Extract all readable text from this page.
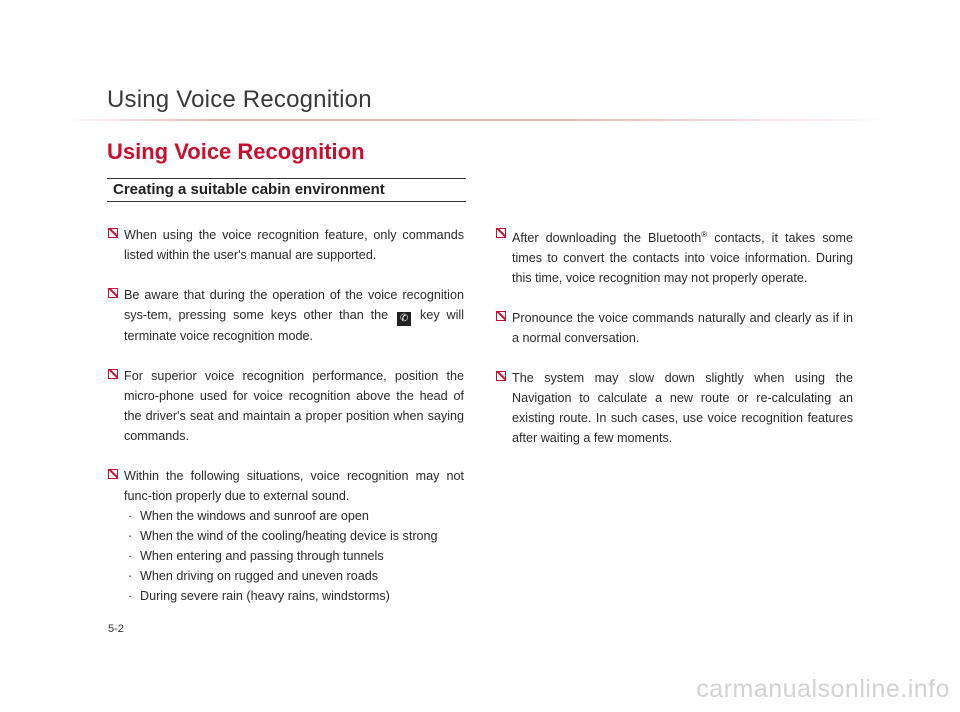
Using Voice Recognition
Using Voice Recognition
Creating a suitable cabin environment
When using the voice recognition feature, only commands listed within the user's manual are supported.
Be aware that during the operation of the voice recognition sys-tem, pressing some keys other than the ✆ key will terminate voice recognition mode.
For superior voice recognition performance, position the micro-phone used for voice recognition above the head of the driver's seat and maintain a proper position when saying commands.
Within the following situations, voice recognition may not func-tion properly due to external sound.
· When the windows and sunroof are open
· When the wind of the cooling/heating device is strong
· When entering and passing through tunnels
· When driving on rugged and uneven roads
· During severe rain (heavy rains, windstorms)
After downloading the Bluetooth® contacts, it takes some times to convert the contacts into voice information. During this time, voice recognition may not properly operate.
Pronounce the voice commands naturally and clearly as if in a normal conversation.
The system may slow down slightly when using the Navigation to calculate a new route or re-calculating an existing route. In such cases, use voice recognition features after waiting a few moments.
5-2
carmanualsonline.info
